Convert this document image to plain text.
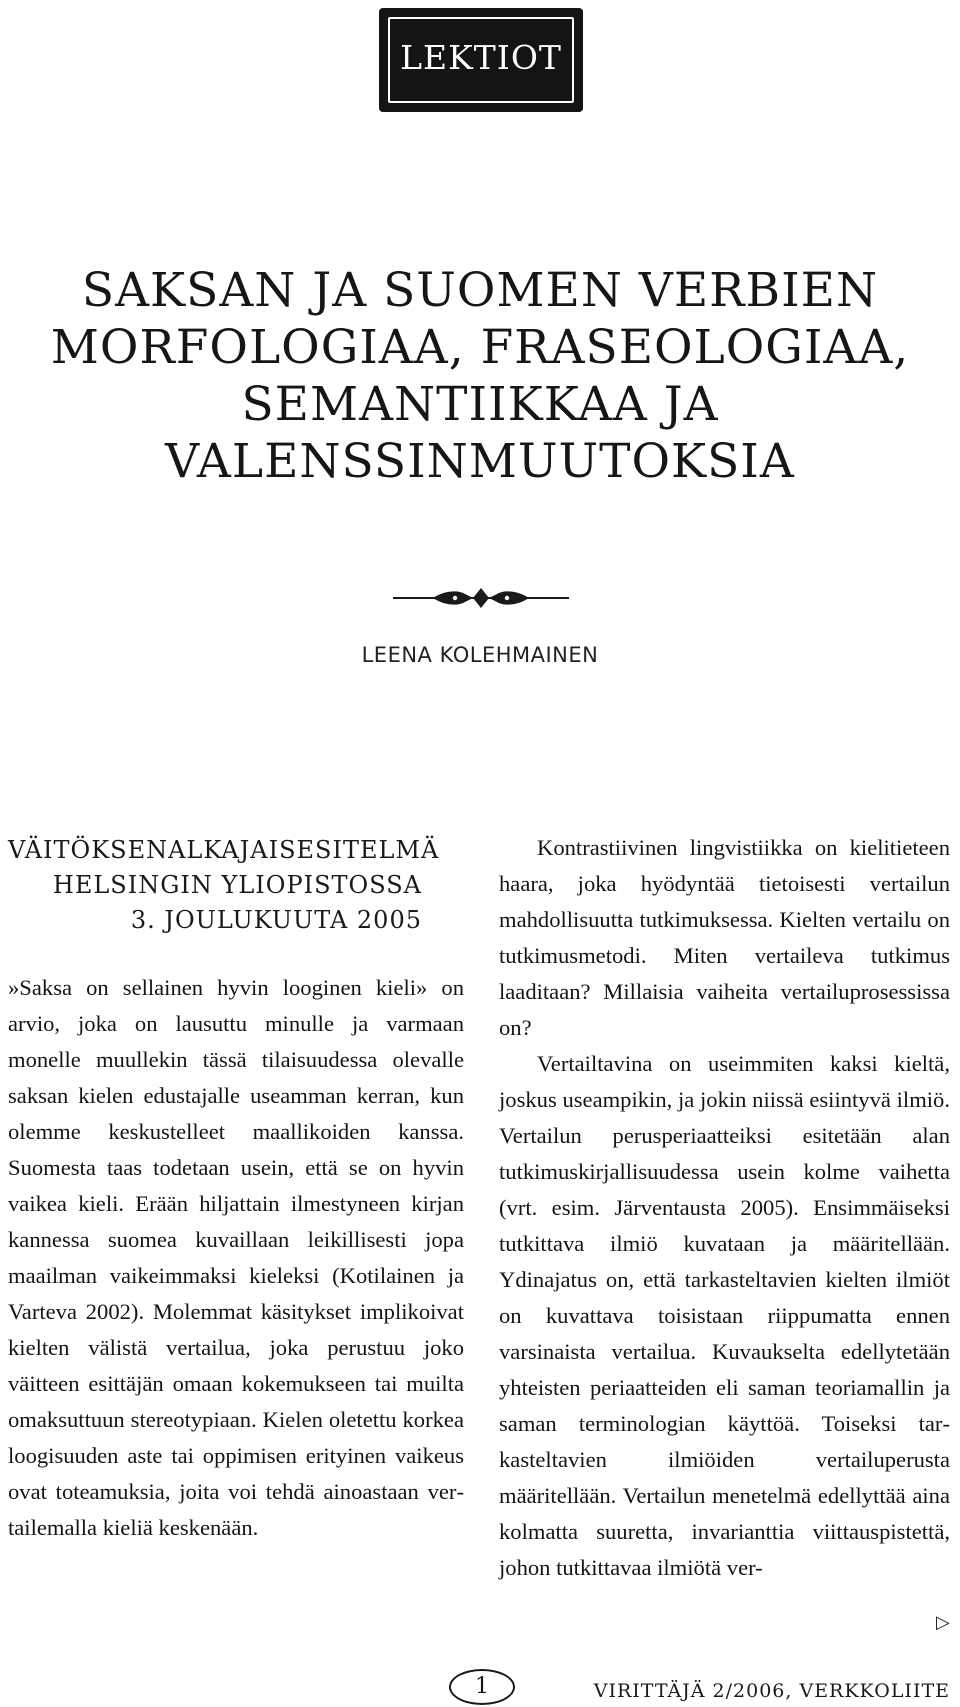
LEKTIOT
SAKSAN JA SUOMEN VERBIEN
MORFOLOGIAA, FRASEOLOGIAA,
SEMANTIIKKAA JA
VALENSSINMUUTOKSIA
LEENA KOLEHMAINEN
VÄITÖKSENALKAJAISESITELMÄ
HELSINGIN YLIOPISTOSSA
3. JOULUKUUTA 2005

»Saksa on sellainen hyvin looginen kieli» on arvio, joka on lausuttu minulle ja varmaan monelle muullekin tässä tilaisuudessa olevalle saksan kielen edustajalle useamman kerran, kun olemme keskustelleet maallikoiden kanssa. Suomesta taas todetaan usein, että se on hyvin vaikea kieli. Erään hiljattain ilmestyneen kirjan kannessa suomea kuvaillaan leikillisesti jopa maailman vaikeimmaksi kieleksi (Kotilainen ja Varteva 2002). Molemmat käsitykset implikoivat kielten välistä vertailua, joka perustuu joko väitteen esittäjän omaan kokemukseen tai muilta omaksuttuun stereotypiaan. Kielen oletettu korkea loogisuuden aste tai oppimisen erityinen vaikeus ovat toteamuksia, joita voi tehdä ainoastaan vertailemalla kieliä keskenään.

Kontrastiivinen lingvistiikka on kielitieteen haara, joka hyödyntää tietoisesti vertailun mahdollisuutta tutkimuksessa. Kielten vertailu on tutkimusmetodi. Miten vertaileva tutkimus laaditaan? Millaisia vaiheita vertailuprosessissa on?

Vertailtavina on useimmiten kaksi kieltä, joskus useampikin, ja jokin niissä esiintyvä ilmiö. Vertailun perusperiaatteiksi esitetään alan tutkimuskirjallisuudessa usein kolme vaihetta (vrt. esim. Järventausta 2005). Ensimmäiseksi tutkittava ilmiö kuvataan ja määritellään. Ydinajatus on, että tarkasteltavien kielten ilmiöt on kuvattava toisistaan riippumatta ennen varsinaista vertailua. Kuvaukselta edellytetään yhteisten periaatteiden eli saman teoriamallin ja saman terminologian käyttöä. Toiseksi tarkasteltavien ilmiöiden vertailuperusta määritellään. Vertailun menetelmä edellyttää aina kolmatta suuretta, invarianttia viittauspistettä, johon tutkittavaa ilmiötä ver-

▷
1	VIRITTÄJÄ 2/2006, VERKKOLIITE
